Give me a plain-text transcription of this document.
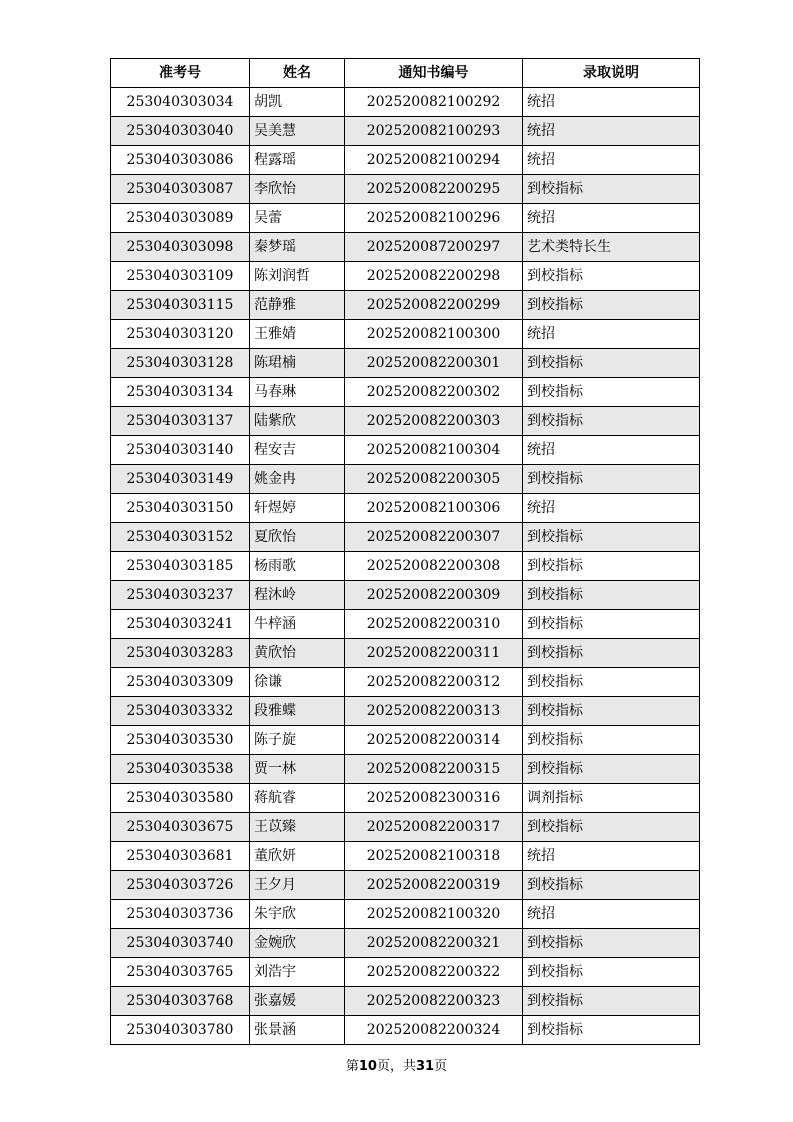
准考号	姓名	通知书编号	录取说明
253040303034	胡凯	202520082100292	统招
253040303040	吴美慧	202520082100293	统招
253040303086	程露瑶	202520082100294	统招
253040303087	李欣怡	202520082200295	到校指标
253040303089	吴蕾	202520082100296	统招
253040303098	秦梦瑶	202520087200297	艺术类特长生
253040303109	陈刘润哲	202520082200298	到校指标
253040303115	范静雅	202520082200299	到校指标
253040303120	王雅婧	202520082100300	统招
253040303128	陈珺楠	202520082200301	到校指标
253040303134	马春琳	202520082200302	到校指标
253040303137	陆紫欣	202520082200303	到校指标
253040303140	程安吉	202520082100304	统招
253040303149	姚金冉	202520082200305	到校指标
253040303150	轩煜婷	202520082100306	统招
253040303152	夏欣怡	202520082200307	到校指标
253040303185	杨雨歌	202520082200308	到校指标
253040303237	程沐岭	202520082200309	到校指标
253040303241	牛梓涵	202520082200310	到校指标
253040303283	黄欣怡	202520082200311	到校指标
253040303309	徐谦	202520082200312	到校指标
253040303332	段雅蝶	202520082200313	到校指标
253040303530	陈子旋	202520082200314	到校指标
253040303538	贾一林	202520082200315	到校指标
253040303580	蒋航睿	202520082300316	调剂指标
253040303675	王苡臻	202520082200317	到校指标
253040303681	董欣妍	202520082100318	统招
253040303726	王夕月	202520082200319	到校指标
253040303736	朱宇欣	202520082100320	统招
253040303740	金婉欣	202520082200321	到校指标
253040303765	刘浩宇	202520082200322	到校指标
253040303768	张嘉媛	202520082200323	到校指标
253040303780	张景涵	202520082200324	到校指标
第10页，共31页
